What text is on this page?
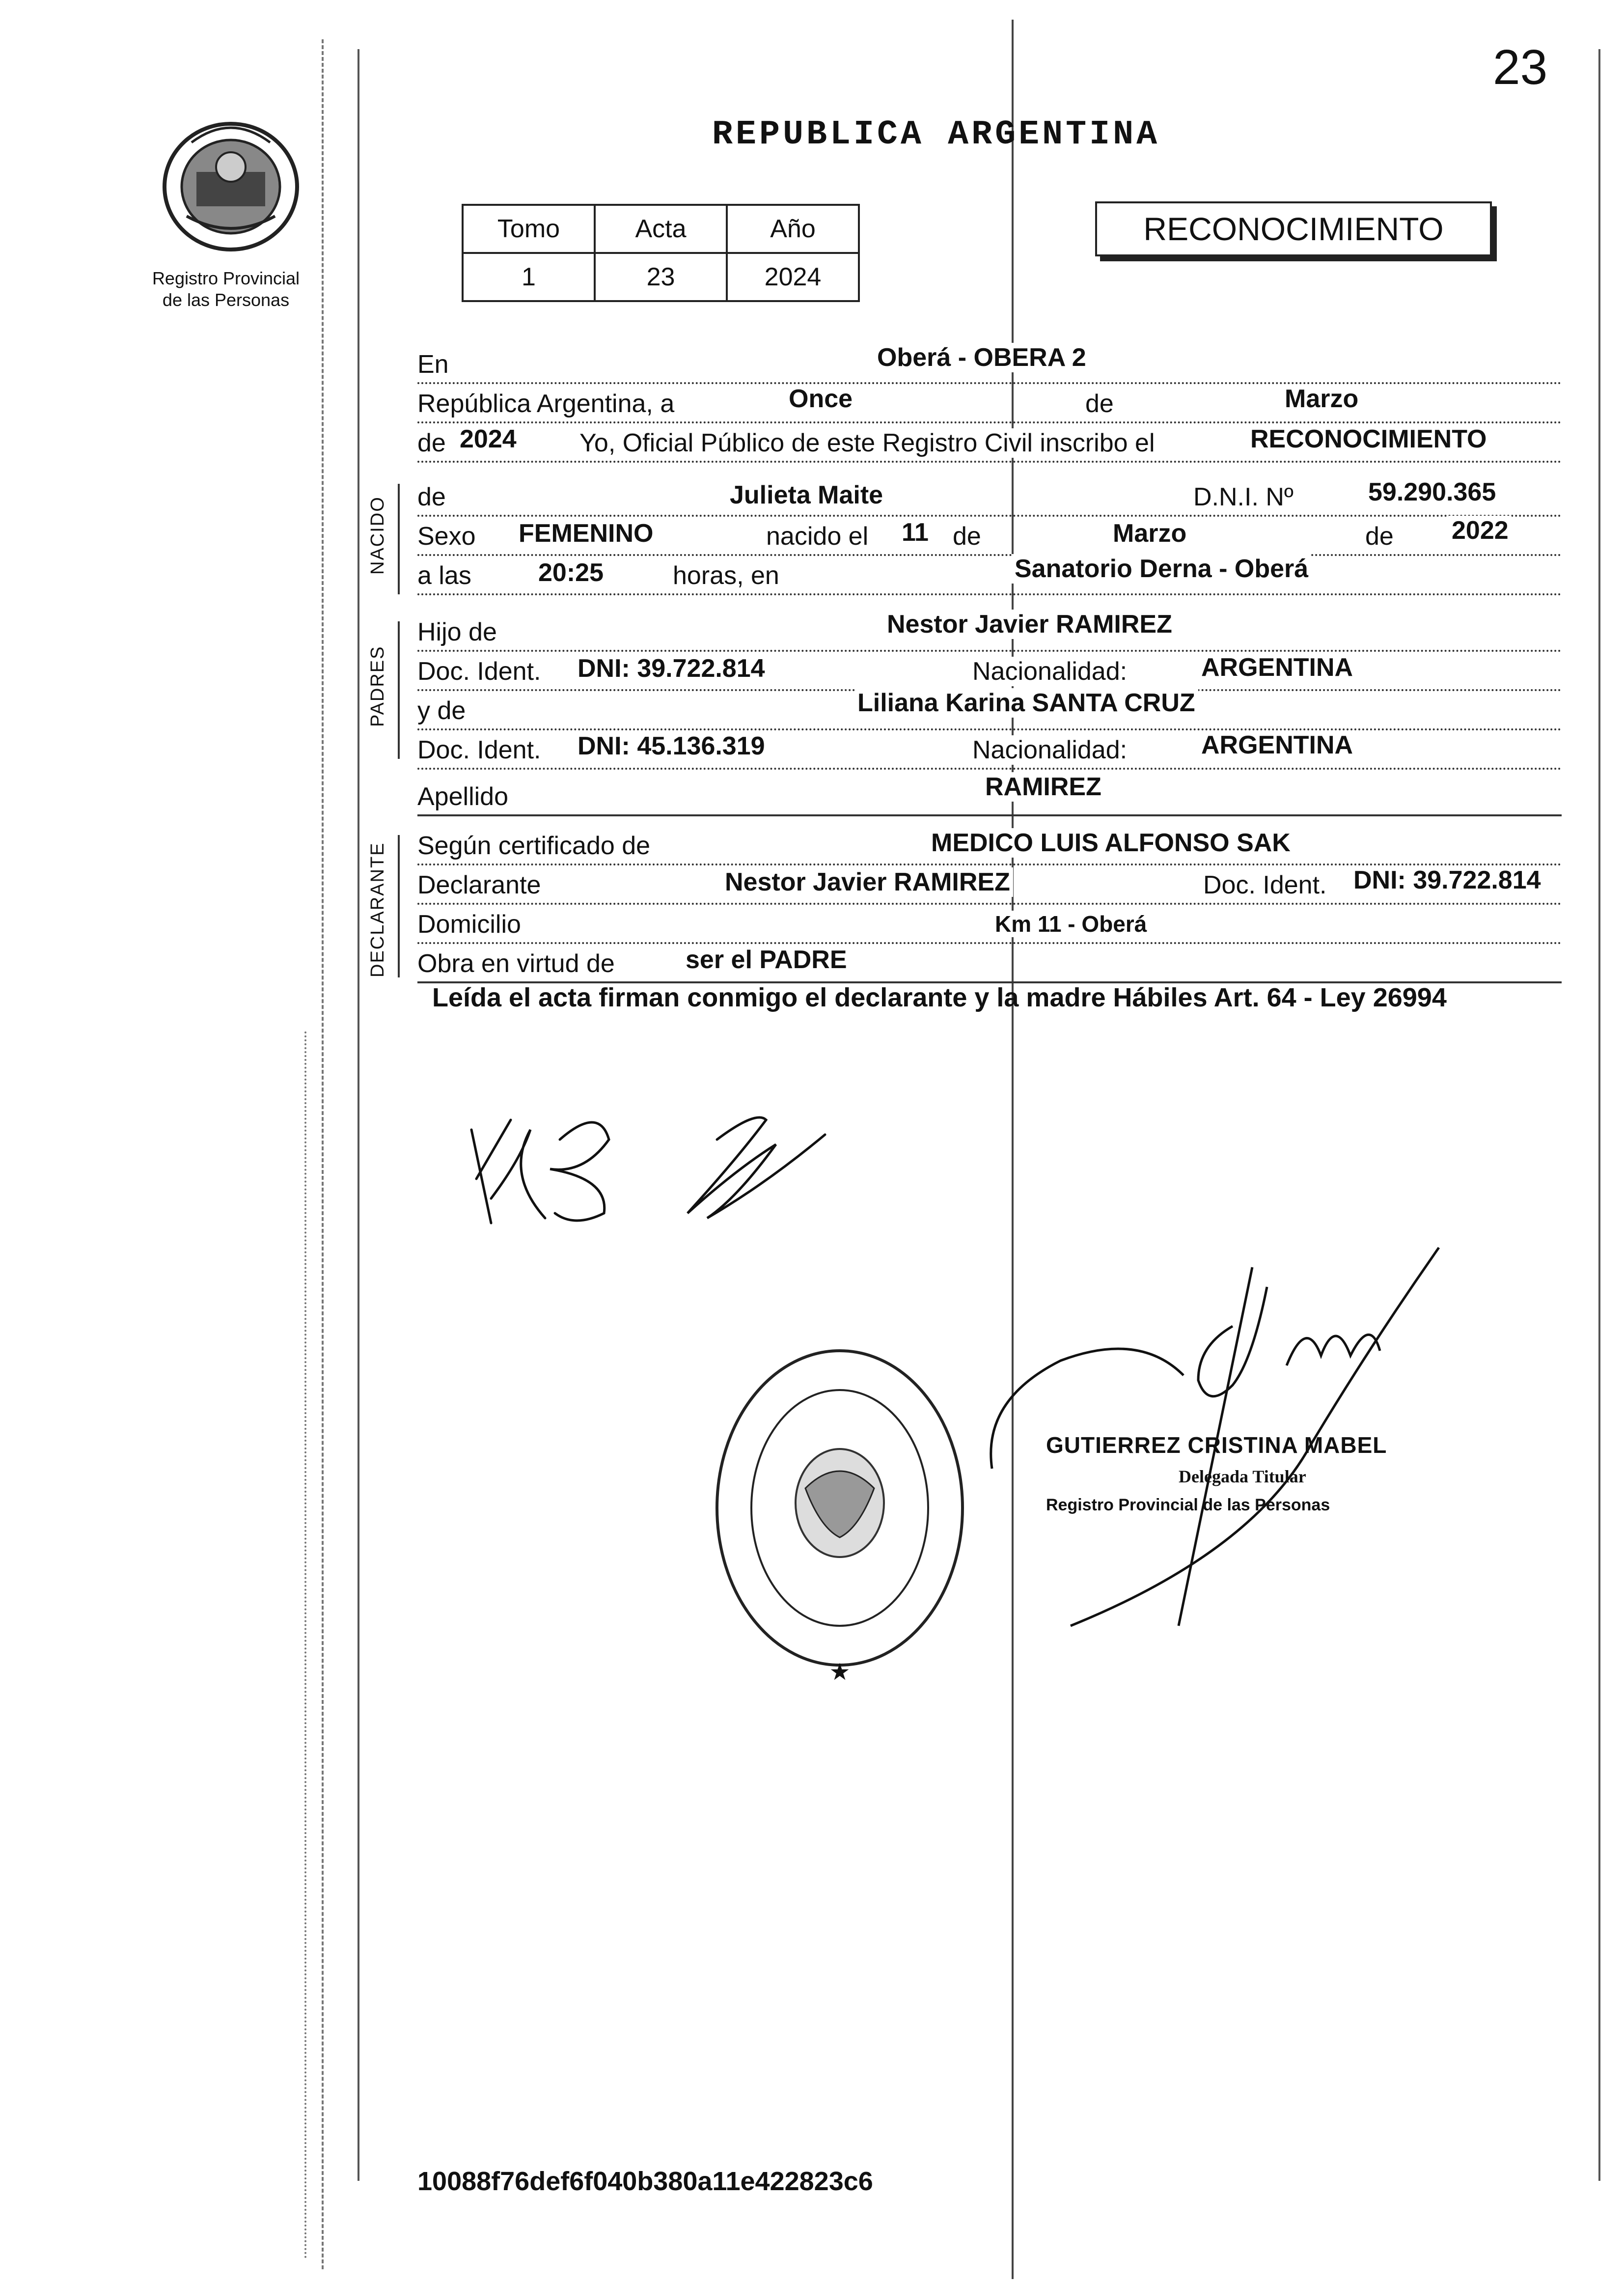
23
REPUBLICA ARGENTINA
Registro Provincial
de las Personas
Tomo	Acta	Año
1	23	2024
RECONOCIMIENTO
En	Oberá - OBERA 2
República Argentina, a	Once	de	Marzo
de 2024 Yo, Oficial Público de este Registro Civil inscribo el	RECONOCIMIENTO
NACIDO de	Julieta Maite	D.N.I. Nº	59.290.365
Sexo FEMENINO	nacido el 11 de	Marzo	de 2022
a las	20:25	horas, en	Sanatorio Derna - Oberá
PADRES
Hijo de	Nestor Javier RAMIREZ
Doc. Ident. DNI: 39.722.814	Nacionalidad:	ARGENTINA
y de	Liliana Karina SANTA CRUZ
Doc. Ident. DNI: 45.136.319	Nacionalidad:	ARGENTINA
Apellido	RAMIREZ
DECLARANTE Según certificado de	MEDICO LUIS ALFONSO SAK
Declarante	Nestor Javier RAMIREZ	Doc. Ident. DNI: 39.722.814
Domicilio	Km 11 - Oberá
Obra en virtud de	ser el PADRE
Leída el acta firman conmigo el declarante y la madre Hábiles Art. 64 - Ley 26994
★
GUTIERREZ CRISTINA MABEL
Delegada Titular
Registro Provincial de las Personas
10088f76def6f040b380a11e422823c6
